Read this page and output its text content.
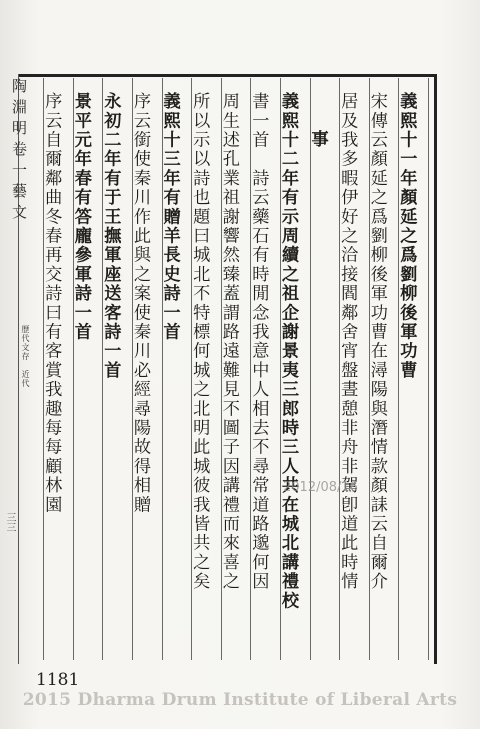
義熙十一年顏延之爲劉柳後軍功曹
宋傳云顏延之爲劉柳後軍功曹在潯陽與潛情款顏誄云自爾介
居及我多暇伊好之洽接閻鄰舍宵盤晝憩非舟非駕卽道此時情
事
義熙十二年有示周續之祖企謝景夷三郎時三人共在城北講禮校
書一首　詩云藥石有時閒念我意中人相去不尋常道路邈何因
周生述孔業祖謝響然臻蓋謂路遠難見不圖子因講禮而來喜之
所以示以詩也題曰城北不特標何城之北明此城彼我皆共之矣
義熙十三年有贈羊長史詩一首
序云銜使秦川作此與之案使秦川必經尋陽故得相贈
永初二年有于王撫軍座送客詩一首
景平元年春有答龐參軍詩一首
序云自爾鄰曲冬春再交詩曰有客賞我趣每每顧林園
陶淵明卷一藝文
歷代文存　近代
三三
2012/08/16
1181
2015 Dharma Drum Institute of Liberal Arts
